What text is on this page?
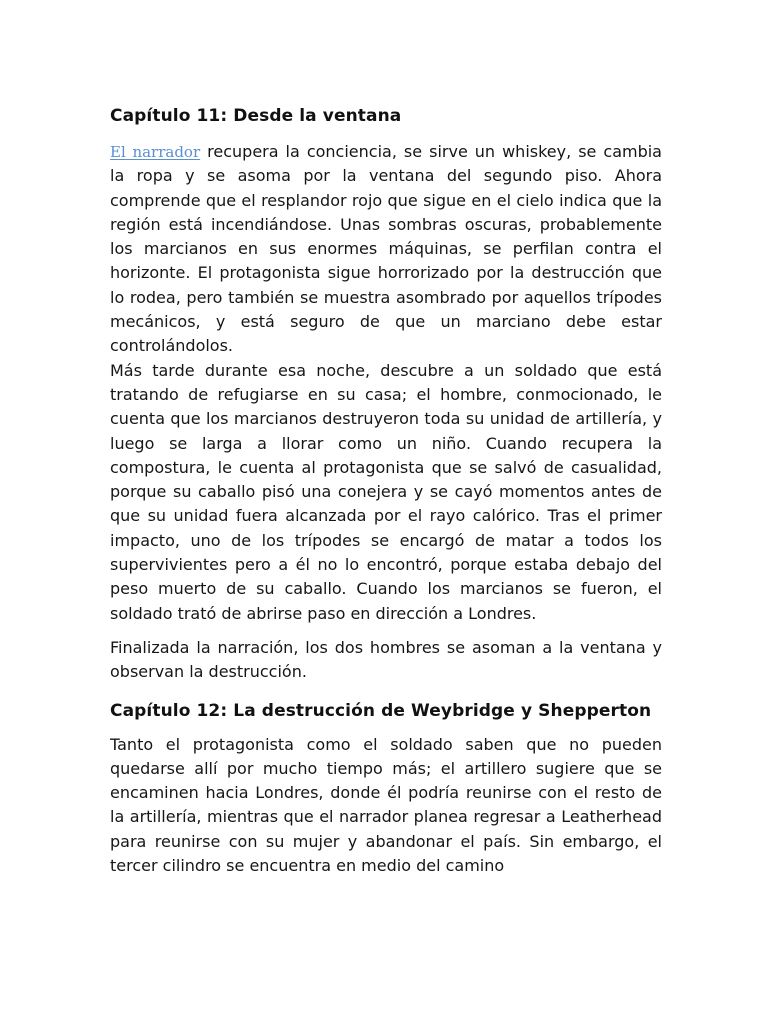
Capítulo 11: Desde la ventana

El narrador recupera la conciencia, se sirve un whiskey, se cambia la ropa y se asoma por la ventana del segundo piso. Ahora comprende que el resplandor rojo que sigue en el cielo indica que la región está incendiándose. Unas sombras oscuras, probablemente los marcianos en sus enormes máquinas, se perfilan contra el horizonte. El protagonista sigue horrorizado por la destrucción que lo rodea, pero también se muestra asombrado por aquellos trípodes mecánicos, y está seguro de que un marciano debe estar controlándolos.

Más tarde durante esa noche, descubre a un soldado que está tratando de refugiarse en su casa; el hombre, conmocionado, le cuenta que los marcianos destruyeron toda su unidad de artillería, y luego se larga a llorar como un niño. Cuando recupera la compostura, le cuenta al protagonista que se salvó de casualidad, porque su caballo pisó una conejera y se cayó momentos antes de que su unidad fuera alcanzada por el rayo calórico. Tras el primer impacto, uno de los trípodes se encargó de matar a todos los supervivientes pero a él no lo encontró, porque estaba debajo del peso muerto de su caballo. Cuando los marcianos se fueron, el soldado trató de abrirse paso en dirección a Londres.

Finalizada la narración, los dos hombres se asoman a la ventana y observan la destrucción.

Capítulo 12: La destrucción de Weybridge y Shepperton

Tanto el protagonista como el soldado saben que no pueden quedarse allí por mucho tiempo más; el artillero sugiere que se encaminen hacia Londres, donde él podría reunirse con el resto de la artillería, mientras que el narrador planea regresar a Leatherhead para reunirse con su mujer y abandonar el país. Sin embargo, el tercer cilindro se encuentra en medio del camino
